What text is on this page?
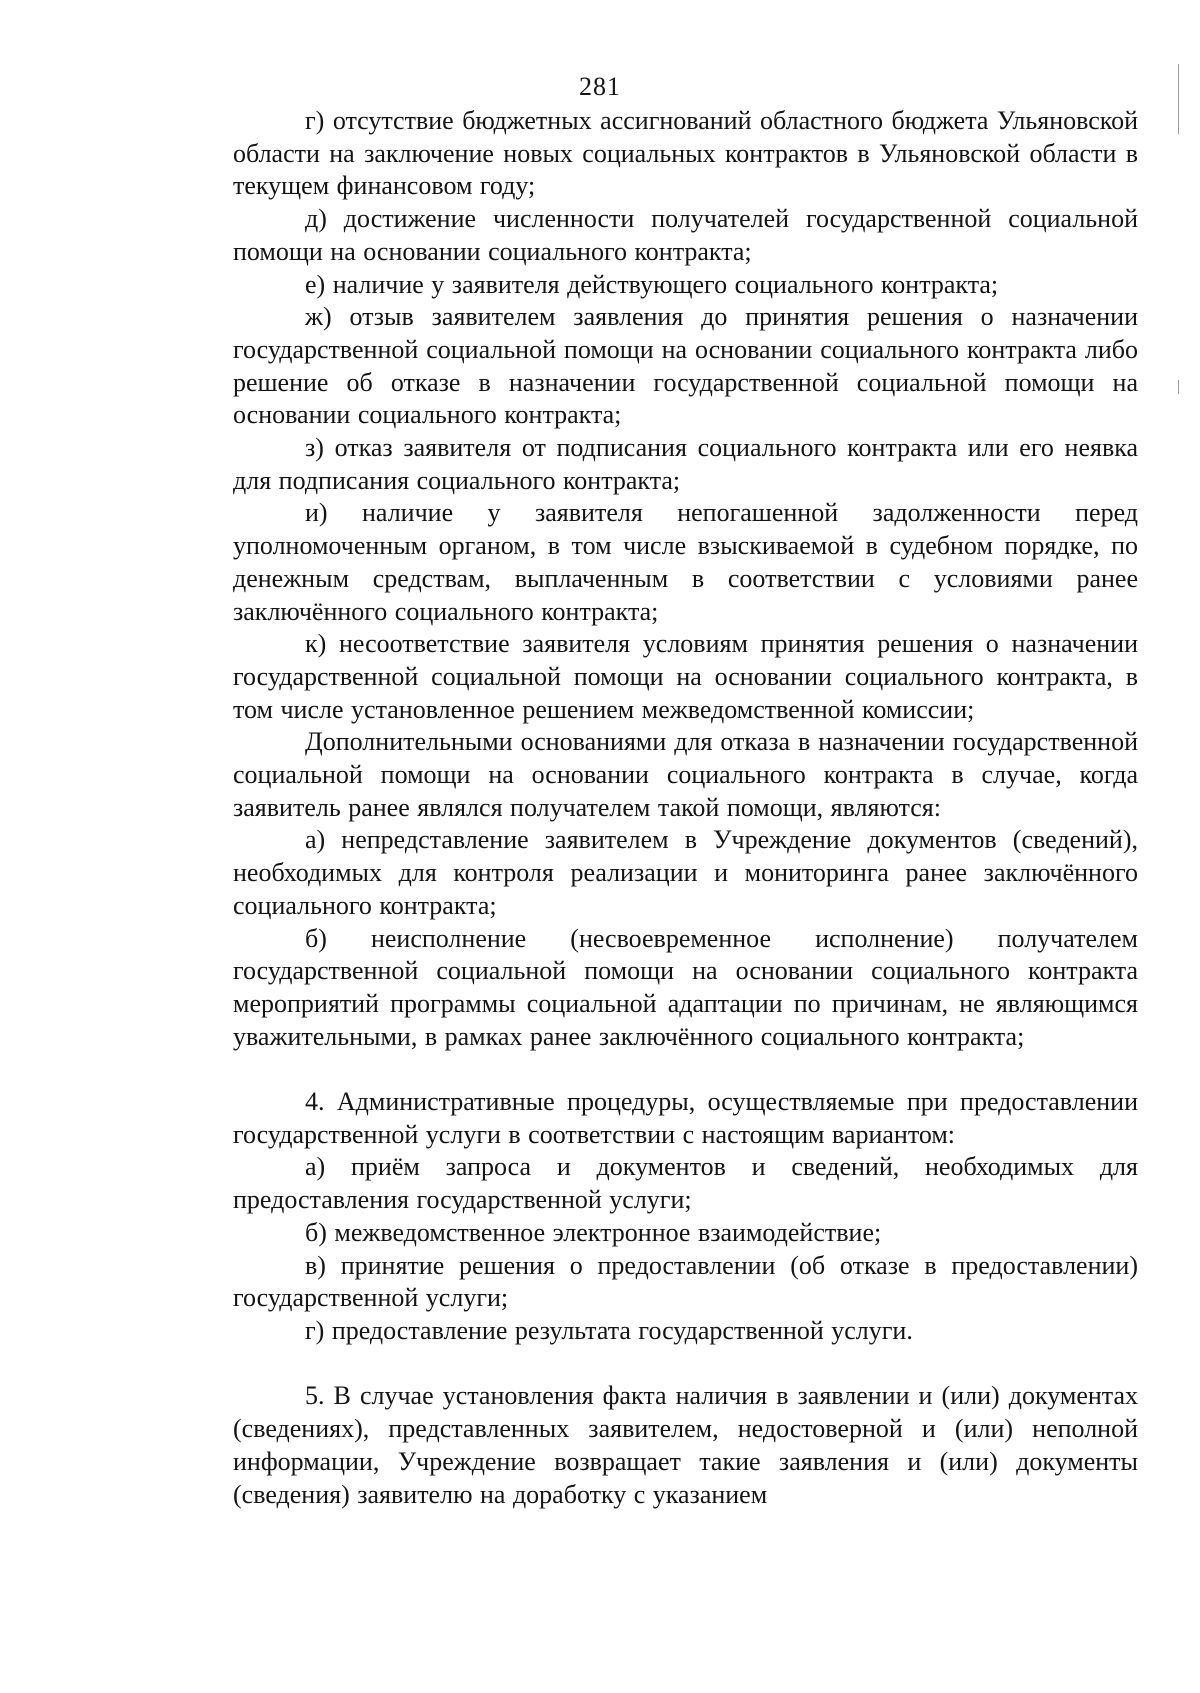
281

г) отсутствие бюджетных ассигнований областного бюджета Ульяновской области на заключение новых социальных контрактов в Ульяновской области в текущем финансовом году;

д) достижение численности получателей государственной социальной помощи на основании социального контракта;

е) наличие у заявителя действующего социального контракта;

ж) отзыв заявителем заявления до принятия решения о назначении государственной социальной помощи на основании социального контракта либо решение об отказе в назначении государственной социальной помощи на основании социального контракта;

з) отказ заявителя от подписания социального контракта или его неявка для подписания социального контракта;

и) наличие у заявителя непогашенной задолженности перед уполномоченным органом, в том числе взыскиваемой в судебном порядке, по денежным средствам, выплаченным в соответствии с условиями ранее заключённого социального контракта;

к) несоответствие заявителя условиям принятия решения о назначении государственной социальной помощи на основании социального контракта, в том числе установленное решением межведомственной комиссии;

Дополнительными основаниями для отказа в назначении государственной социальной помощи на основании социального контракта в случае, когда заявитель ранее являлся получателем такой помощи, являются:

а) непредставление заявителем в Учреждение документов (сведений), необходимых для контроля реализации и мониторинга ранее заключённого социального контракта;

б) неисполнение (несвоевременное исполнение) получателем государственной социальной помощи на основании социального контракта мероприятий программы социальной адаптации по причинам, не являющимся уважительными, в рамках ранее заключённого социального контракта;

4. Административные процедуры, осуществляемые при предоставлении государственной услуги в соответствии с настоящим вариантом:

а) приём запроса и документов и сведений, необходимых для предоставления государственной услуги;

б) межведомственное электронное взаимодействие;

в) принятие решения о предоставлении (об отказе в предоставлении) государственной услуги;

г) предоставление результата государственной услуги.

5. В случае установления факта наличия в заявлении и (или) документах (сведениях), представленных заявителем, недостоверной и (или) неполной информации, Учреждение возвращает такие заявления и (или) документы (сведения) заявителю на доработку с указанием
